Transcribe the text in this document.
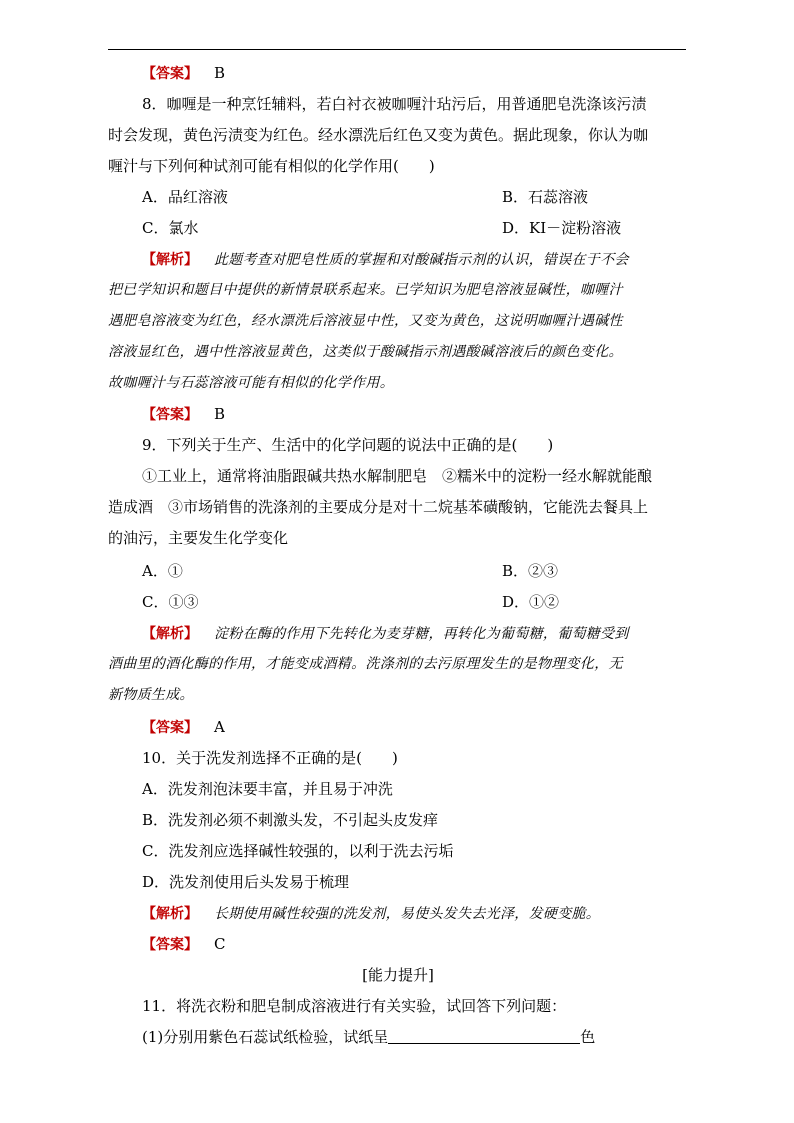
【答案】 B
8．咖喱是一种烹饪辅料，若白衬衣被咖喱汁玷污后，用普通肥皂洗涤该污渍
时会发现，黄色污渍变为红色。经水漂洗后红色又变为黄色。据此现象，你认为咖
喱汁与下列何种试剂可能有相似的化学作用(　　)
A．品红溶液	B．石蕊溶液
C．氯水	D．KI－淀粉溶液
【解析】 此题考查对肥皂性质的掌握和对酸碱指示剂的认识，错误在于不会
把已学知识和题目中提供的新情景联系起来。已学知识为肥皂溶液显碱性，咖喱汁
遇肥皂溶液变为红色，经水漂洗后溶液显中性，又变为黄色，这说明咖喱汁遇碱性
溶液显红色，遇中性溶液显黄色，这类似于酸碱指示剂遇酸碱溶液后的颜色变化。
故咖喱汁与石蕊溶液可能有相似的化学作用。
【答案】 B
9．下列关于生产、生活中的化学问题的说法中正确的是(　　)
①工业上，通常将油脂跟碱共热水解制肥皂　②糯米中的淀粉一经水解就能酿
造成酒　③市场销售的洗涤剂的主要成分是对十二烷基苯磺酸钠，它能洗去餐具上
的油污，主要发生化学变化
A．①	B．②③
C．①③	D．①②
【解析】 淀粉在酶的作用下先转化为麦芽糖，再转化为葡萄糖，葡萄糖受到
酒曲里的酒化酶的作用，才能变成酒精。洗涤剂的去污原理发生的是物理变化，无
新物质生成。
【答案】 A
10．关于洗发剂选择不正确的是(　　)
A．洗发剂泡沫要丰富，并且易于冲洗
B．洗发剂必须不刺激头发，不引起头皮发痒
C．洗发剂应选择碱性较强的，以利于洗去污垢
D．洗发剂使用后头发易于梳理
【解析】 长期使用碱性较强的洗发剂，易使头发失去光泽，发硬变脆。
【答案】 C
[能力提升]
11．将洗衣粉和肥皂制成溶液进行有关实验，试回答下列问题：
(1)分别用紫色石蕊试纸检验，试纸呈	色
